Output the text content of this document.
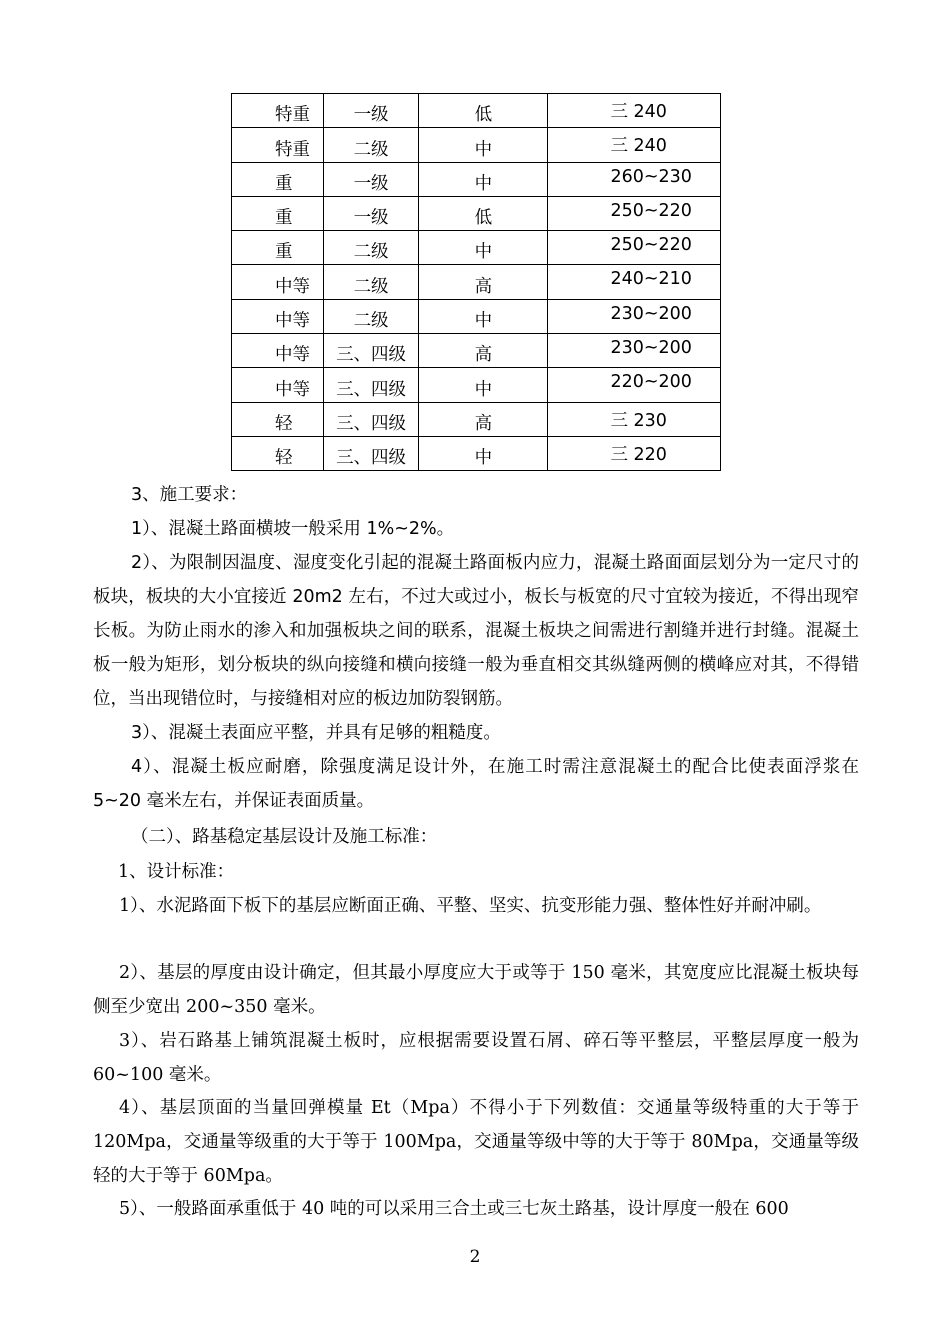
特重	一级	低	三 240
特重	二级	中	三 240
重	一级	中	260~230
重	一级	低	250~220
重	二级	中	250~220
中等	二级	高	240~210
中等	二级	中	230~200
中等	三、四级	高	230~200
中等	三、四级	中	220~200
轻	三、四级	高	三 230
轻	三、四级	中	三 220

3、施工要求：

1）、混凝土路面横坡一般采用 1%~2%。

2）、为限制因温度、湿度变化引起的混凝土路面板内应力，混凝土路面面层划分为一定尺寸的板块，板块的大小宜接近 20m2 左右，不过大或过小，板长与板宽的尺寸宜较为接近，不得出现窄长板。为防止雨水的渗入和加强板块之间的联系，混凝土板块之间需进行割缝并进行封缝。混凝土板一般为矩形，划分板块的纵向接缝和横向接缝一般为垂直相交其纵缝两侧的横峰应对其，不得错位，当出现错位时，与接缝相对应的板边加防裂钢筋。

3）、混凝土表面应平整，并具有足够的粗糙度。

4）、混凝土板应耐磨，除强度满足设计外，在施工时需注意混凝土的配合比使表面浮浆在 5~20 毫米左右，并保证表面质量。

（二）、路基稳定基层设计及施工标准：

1、设计标准：

1）、水泥路面下板下的基层应断面正确、平整、坚实、抗变形能力强、整体性好并耐冲刷。

2）、基层的厚度由设计确定，但其最小厚度应大于或等于 150 毫米，其宽度应比混凝土板块每侧至少宽出 200~350 毫米。

3）、岩石路基上铺筑混凝土板时，应根据需要设置石屑、碎石等平整层，平整层厚度一般为 60~100 毫米。

4）、基层顶面的当量回弹模量 Et（Mpa）不得小于下列数值：交通量等级特重的大于等于 120Mpa，交通量等级重的大于等于 100Mpa，交通量等级中等的大于等于 80Mpa，交通量等级轻的大于等于 60Mpa。

5）、一般路面承重低于 40 吨的可以采用三合土或三七灰土路基，设计厚度一般在 600

2
